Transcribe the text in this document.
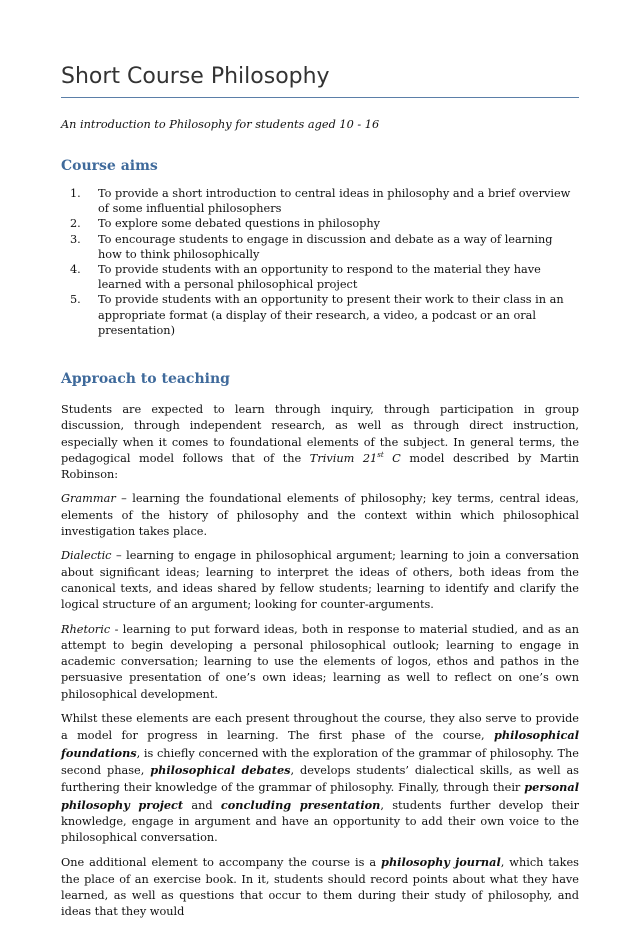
Short Course Philosophy

An introduction to Philosophy for students aged 10 - 16

Course aims
1. To provide a short introduction to central ideas in philosophy and a brief overview of some influential philosophers
2. To explore some debated questions in philosophy
3. To encourage students to engage in discussion and debate as a way of learning how to think philosophically
4. To provide students with an opportunity to respond to the material they have learned with a personal philosophical project
5. To provide students with an opportunity to present their work to their class in an appropriate format (a display of their research, a video, a podcast or an oral presentation)
Approach to teaching

Students are expected to learn through inquiry, through participation in group discussion, through independent research, as well as through direct instruction, especially when it comes to foundational elements of the subject. In general terms, the pedagogical model follows that of the Trivium 21st C model described by Martin Robinson:

Grammar – learning the foundational elements of philosophy; key terms, central ideas, elements of the history of philosophy and the context within which philosophical investigation takes place.

Dialectic – learning to engage in philosophical argument; learning to join a conversation about significant ideas; learning to interpret the ideas of others, both ideas from the canonical texts, and ideas shared by fellow students; learning to identify and clarify the logical structure of an argument; looking for counter-arguments.

Rhetoric - learning to put forward ideas, both in response to material studied, and as an attempt to begin developing a personal philosophical outlook; learning to engage in academic conversation; learning to use the elements of logos, ethos and pathos in the persuasive presentation of one’s own ideas; learning as well to reflect on one’s own philosophical development.

Whilst these elements are each present throughout the course, they also serve to provide a model for progress in learning. The first phase of the course, philosophical foundations, is chiefly concerned with the exploration of the grammar of philosophy. The second phase, philosophical debates, develops students’ dialectical skills, as well as furthering their knowledge of the grammar of philosophy. Finally, through their personal philosophy project and concluding presentation, students further develop their knowledge, engage in argument and have an opportunity to add their own voice to the philosophical conversation.

One additional element to accompany the course is a philosophy journal, which takes the place of an exercise book. In it, students should record points about what they have learned, as well as questions that occur to them during their study of philosophy, and ideas that they would
